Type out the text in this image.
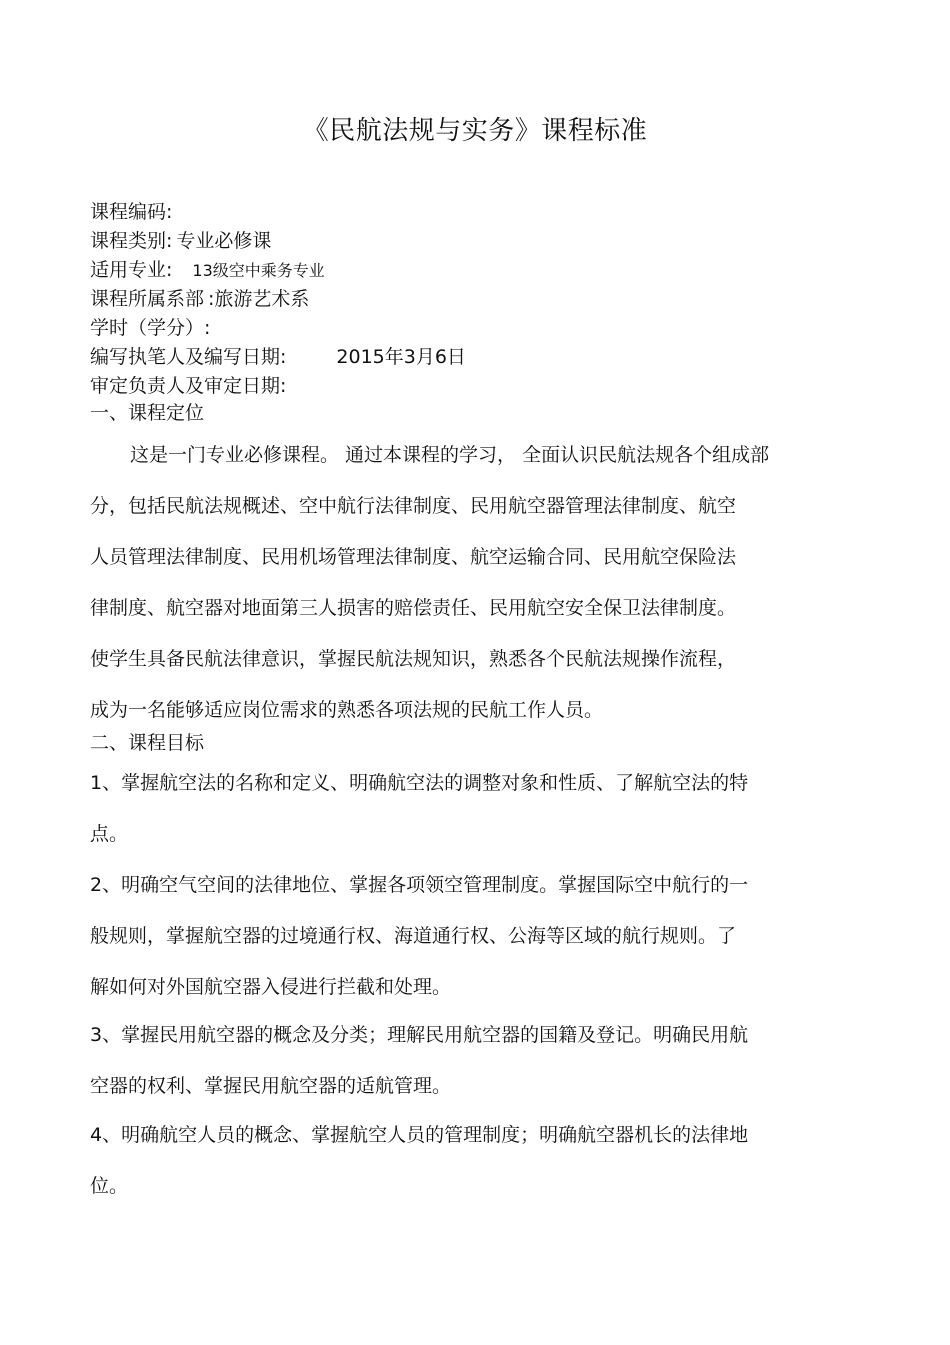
《民航法规与实务》课程标准
课程编码:
课程类别: 专业必修课
适用专业: 13级空中乘务专业
课程所属系部 :旅游艺术系
学时（学分）:
编写执笔人及编写日期:	2015年3月6日
审定负责人及审定日期:
一、课程定位
这是一门专业必修课程。 通过本课程的学习， 全面认识民航法规各个组成部
分，包括民航法规概述、空中航行法律制度、民用航空器管理法律制度、航空
人员管理法律制度、民用机场管理法律制度、航空运输合同、民用航空保险法
律制度、航空器对地面第三人损害的赔偿责任、民用航空安全保卫法律制度。
使学生具备民航法律意识，掌握民航法规知识，熟悉各个民航法规操作流程，
成为一名能够适应岗位需求的熟悉各项法规的民航工作人员。
二、课程目标
1、掌握航空法的名称和定义、明确航空法的调整对象和性质、了解航空法的特
点。
2、明确空气空间的法律地位、掌握各项领空管理制度。掌握国际空中航行的一
般规则，掌握航空器的过境通行权、海道通行权、公海等区域的航行规则。了
解如何对外国航空器入侵进行拦截和处理。
3、掌握民用航空器的概念及分类；理解民用航空器的国籍及登记。明确民用航
空器的权利、掌握民用航空器的适航管理。
4、明确航空人员的概念、掌握航空人员的管理制度；明确航空器机长的法律地
位。
